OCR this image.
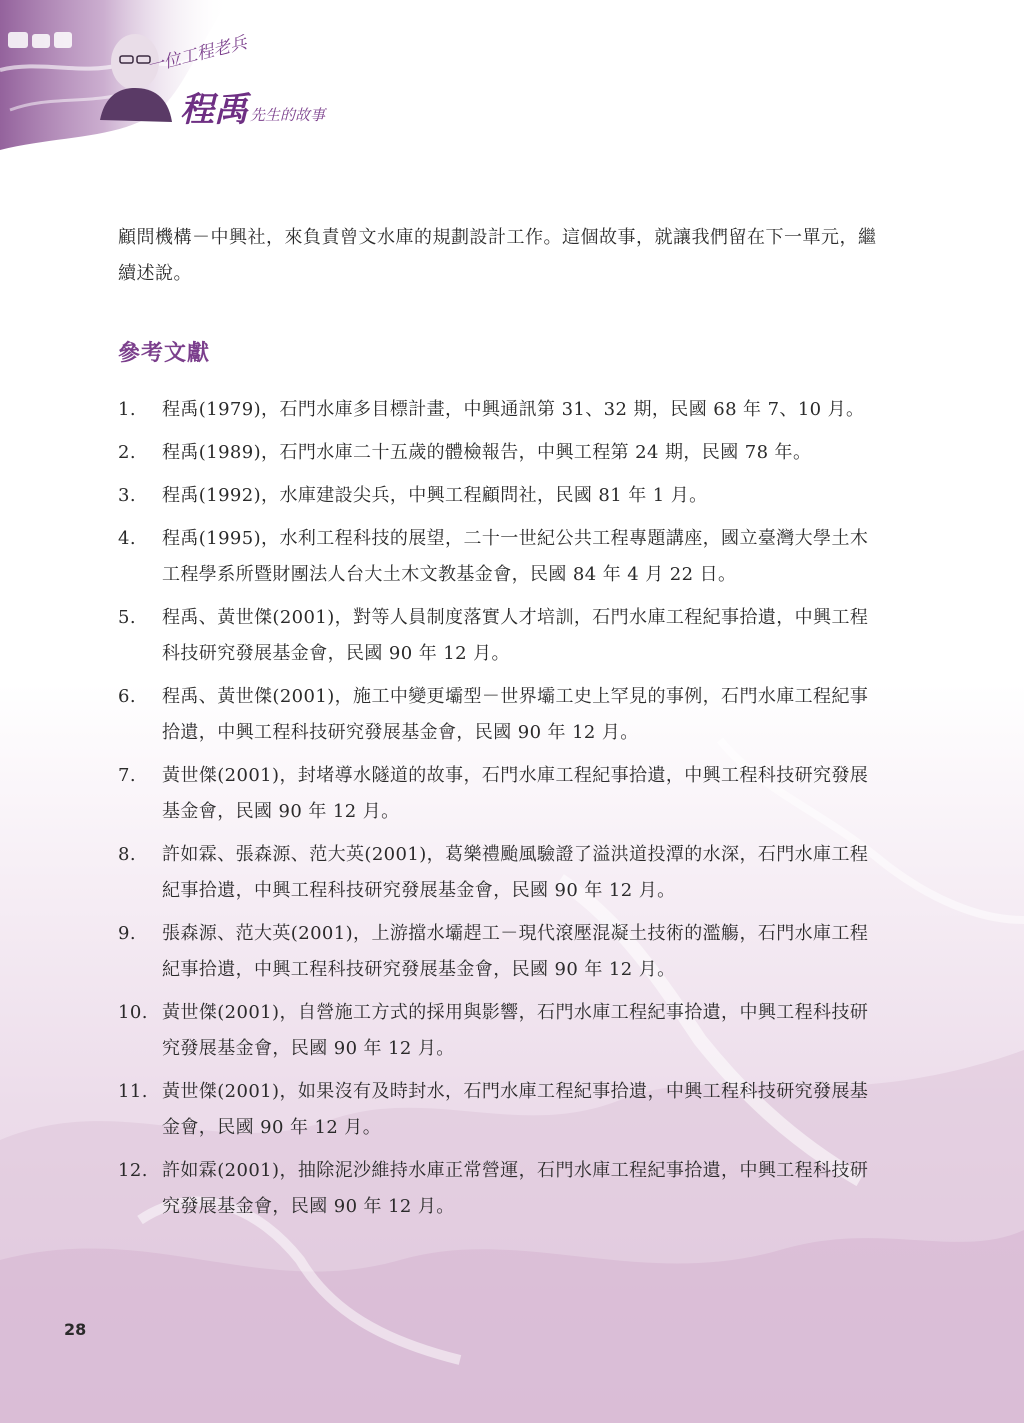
一位工程老兵
程禹 先生的故事

顧問機構－中興社，來負責曾文水庫的規劃設計工作。這個故事，就讓我們留在下一單元，繼續述說。

參考文獻
1.	程禹(1979)，石門水庫多目標計畫，中興通訊第 31、32 期，民國 68 年 7、10 月。
2.	程禹(1989)，石門水庫二十五歲的體檢報告，中興工程第 24 期，民國 78 年。
3.	程禹(1992)，水庫建設尖兵，中興工程顧問社，民國 81 年 1 月。
4.	程禹(1995)，水利工程科技的展望，二十一世紀公共工程專題講座，國立臺灣大學土木工程學系所暨財團法人台大土木文教基金會，民國 84 年 4 月 22 日。
5.	程禹、黃世傑(2001)，對等人員制度落實人才培訓，石門水庫工程紀事拾遺，中興工程科技研究發展基金會，民國 90 年 12 月。
6.	程禹、黃世傑(2001)，施工中變更壩型－世界壩工史上罕見的事例，石門水庫工程紀事拾遺，中興工程科技研究發展基金會，民國 90 年 12 月。
7.	黃世傑(2001)，封堵導水隧道的故事，石門水庫工程紀事拾遺，中興工程科技研究發展基金會，民國 90 年 12 月。
8.	許如霖、張森源、范大英(2001)，葛樂禮颱風驗證了溢洪道投潭的水深，石門水庫工程紀事拾遺，中興工程科技研究發展基金會，民國 90 年 12 月。
9.	張森源、范大英(2001)，上游擋水壩趕工－現代滾壓混凝土技術的濫觴，石門水庫工程紀事拾遺，中興工程科技研究發展基金會，民國 90 年 12 月。
10. 黃世傑(2001)，自營施工方式的採用與影響，石門水庫工程紀事拾遺，中興工程科技研究發展基金會，民國 90 年 12 月。
11. 黃世傑(2001)，如果沒有及時封水，石門水庫工程紀事拾遺，中興工程科技研究發展基金會，民國 90 年 12 月。
12. 許如霖(2001)，抽除泥沙維持水庫正常營運，石門水庫工程紀事拾遺，中興工程科技研究發展基金會，民國 90 年 12 月。
28
